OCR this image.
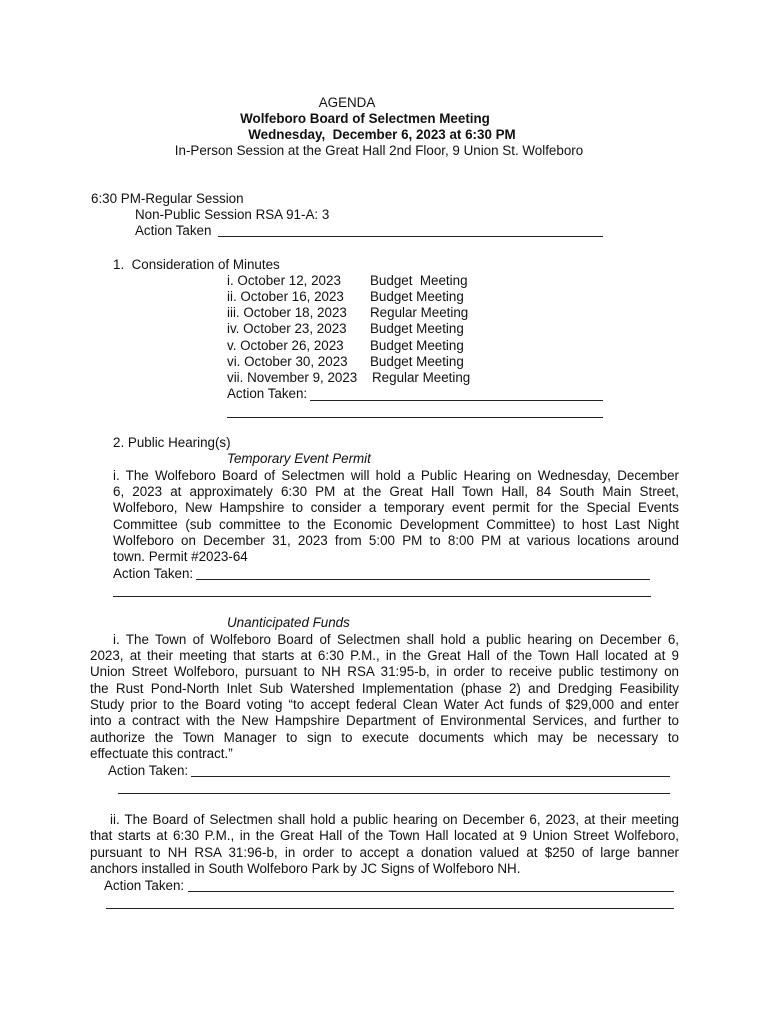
AGENDA
Wolfeboro Board of Selectmen Meeting
Wednesday,  December 6, 2023 at 6:30 PM
In-Person Session at the Great Hall 2nd Floor, 9 Union St. Wolfeboro
6:30 PM-Regular Session
Non-Public Session RSA 91-A: 3
Action Taken
1.  Consideration of Minutes
i. October 12, 2023 Budget  Meeting
ii. October 16, 2023 Budget Meeting
iii. October 18, 2023 Regular Meeting
iv. October 23, 2023 Budget Meeting
v. October 26, 2023 Budget Meeting
vi. October 30, 2023 Budget Meeting
vii. November 9, 2023 Regular Meeting
Action Taken:
2. Public Hearing(s)
Temporary Event Permit
i. The Wolfeboro Board of Selectmen will hold a Public Hearing on Wednesday, December
6, 2023 at approximately 6:30 PM at the Great Hall Town Hall, 84 South Main Street,
Wolfeboro, New Hampshire to consider a temporary event permit for the Special Events
Committee (sub committee to the Economic Development Committee) to host Last Night
Wolfeboro on December 31, 2023 from 5:00 PM to 8:00 PM at various locations around
town. Permit #2023-64
Action Taken:
Unanticipated Funds
i. The Town of Wolfeboro Board of Selectmen shall hold a public hearing on December 6,
2023, at their meeting that starts at 6:30 P.M., in the Great Hall of the Town Hall located at 9
Union Street Wolfeboro, pursuant to NH RSA 31:95-b, in order to receive public testimony on
the Rust Pond-North Inlet Sub Watershed Implementation (phase 2) and Dredging Feasibility
Study prior to the Board voting “to accept federal Clean Water Act funds of $29,000 and enter
into a contract with the New Hampshire Department of Environmental Services, and further to
authorize the Town Manager to sign to execute documents which may be necessary to
effectuate this contract.”
Action Taken:
ii. The Board of Selectmen shall hold a public hearing on December 6, 2023, at their meeting
that starts at 6:30 P.M., in the Great Hall of the Town Hall located at 9 Union Street Wolfeboro,
pursuant to NH RSA 31:96-b, in order to accept a donation valued at $250 of large banner
anchors installed in South Wolfeboro Park by JC Signs of Wolfeboro NH.
Action Taken:
